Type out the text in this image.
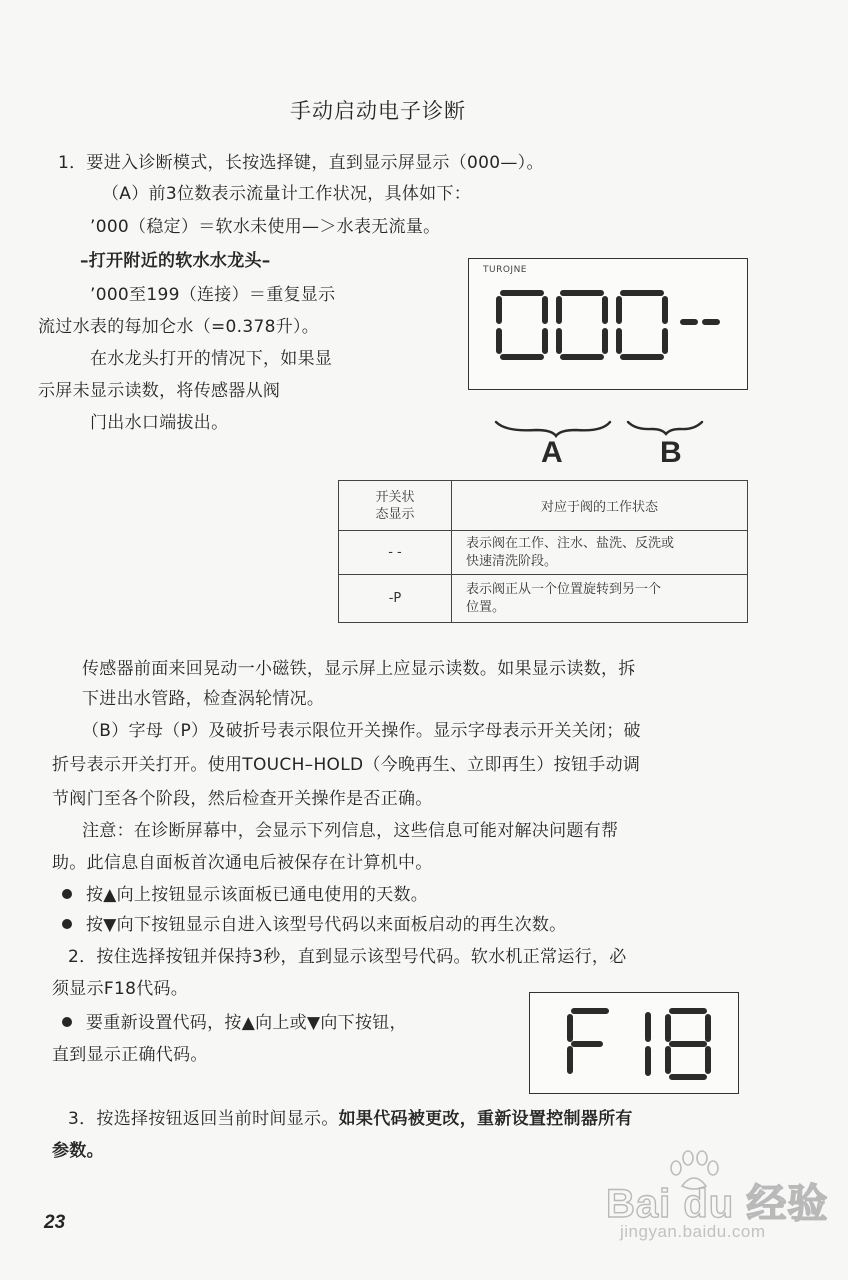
手动启动电子诊断
1．要进入诊断模式，长按选择键，直到显示屏显示（000—）。
（A）前3位数表示流量计工作状况，具体如下：
’000（稳定）＝软水未使用—＞水表无流量。
–打开附近的软水水龙头–
’000至199（连接）＝重复显示
流过水表的每加仑水（=0.378升）。
在水龙头打开的情况下，如果显
示屏未显示读数，将传感器从阀
门出水口端拔出。
TUROJNE
A	B
开关状
态显示	对应于阀的工作状态
- -	表示阀在工作、注水、盐洗、反洗或
快速清洗阶段。

-P	表示阀正从一个位置旋转到另一个
位置。
传感器前面来回晃动一小磁铁，显示屏上应显示读数。如果显示读数，拆
下进出水管路，检查涡轮情况。
（B）字母（P）及破折号表示限位开关操作。显示字母表示开关关闭；破
折号表示开关打开。使用TOUCH–HOLD（今晚再生、立即再生）按钮手动调
节阀门至各个阶段，然后检查开关操作是否正确。
注意：在诊断屏幕中，会显示下列信息，这些信息可能对解决问题有帮
助。此信息自面板首次通电后被保存在计算机中。
按▲向上按钮显示该面板已通电使用的天数。
按▼向下按钮显示自进入该型号代码以来面板启动的再生次数。
2．按住选择按钮并保持3秒，直到显示该型号代码。软水机正常运行，必
须显示F18代码。
要重新设置代码，按▲向上或▼向下按钮，
直到显示正确代码。
3．按选择按钮返回当前时间显示。如果代码被更改，重新设置控制器所有
参数。
23	Bai du 经验
jingyan.baidu.com
